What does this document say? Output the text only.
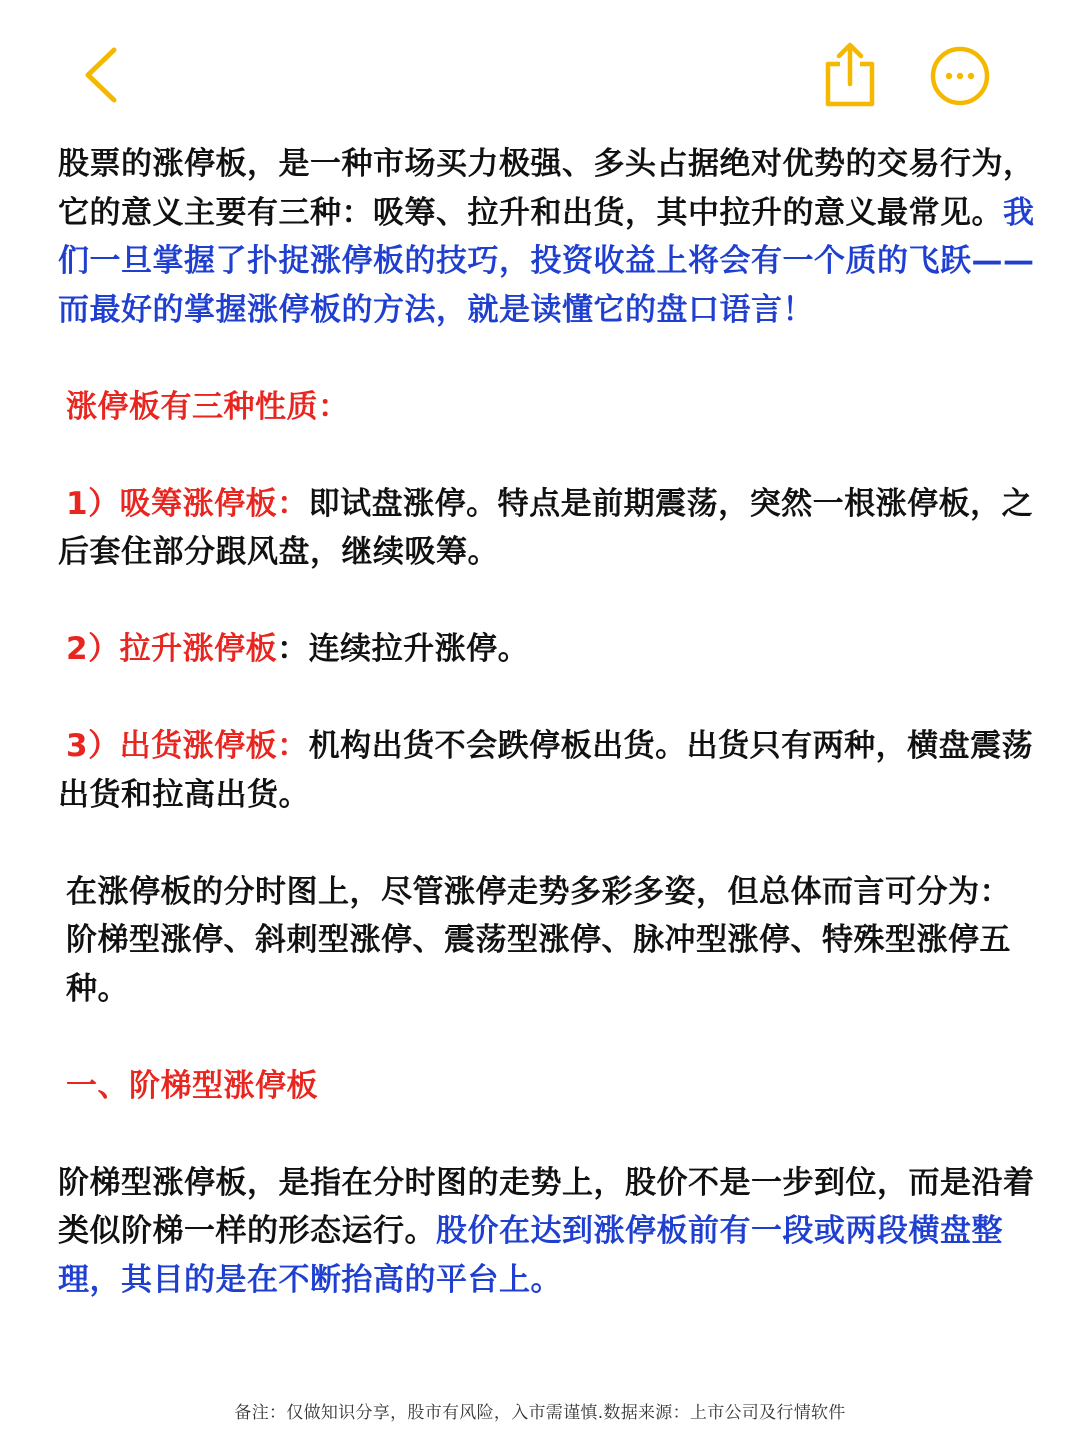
股票的涨停板，是一种市场买力极强、多头占据绝对优势的交易行为，它的意义主要有三种：吸筹、拉升和出货，其中拉升的意义最常见。我们一旦掌握了扑捉涨停板的技巧，投资收益上将会有一个质的飞跃——而最好的掌握涨停板的方法，就是读懂它的盘口语言！

涨停板有三种性质：

1）吸筹涨停板：即试盘涨停。特点是前期震荡，突然一根涨停板，之后套住部分跟风盘，继续吸筹。

2）拉升涨停板：连续拉升涨停。

3）出货涨停板：机构出货不会跌停板出货。出货只有两种，横盘震荡出货和拉高出货。

在涨停板的分时图上，尽管涨停走势多彩多姿，但总体而言可分为：阶梯型涨停、斜刺型涨停、震荡型涨停、脉冲型涨停、特殊型涨停五种。

一、阶梯型涨停板

阶梯型涨停板，是指在分时图的走势上，股价不是一步到位，而是沿着类似阶梯一样的形态运行。股价在达到涨停板前有一段或两段横盘整理，其目的是在不断抬高的平台上。

备注：仅做知识分享，股市有风险，入市需谨慎.数据来源：上市公司及行情软件
